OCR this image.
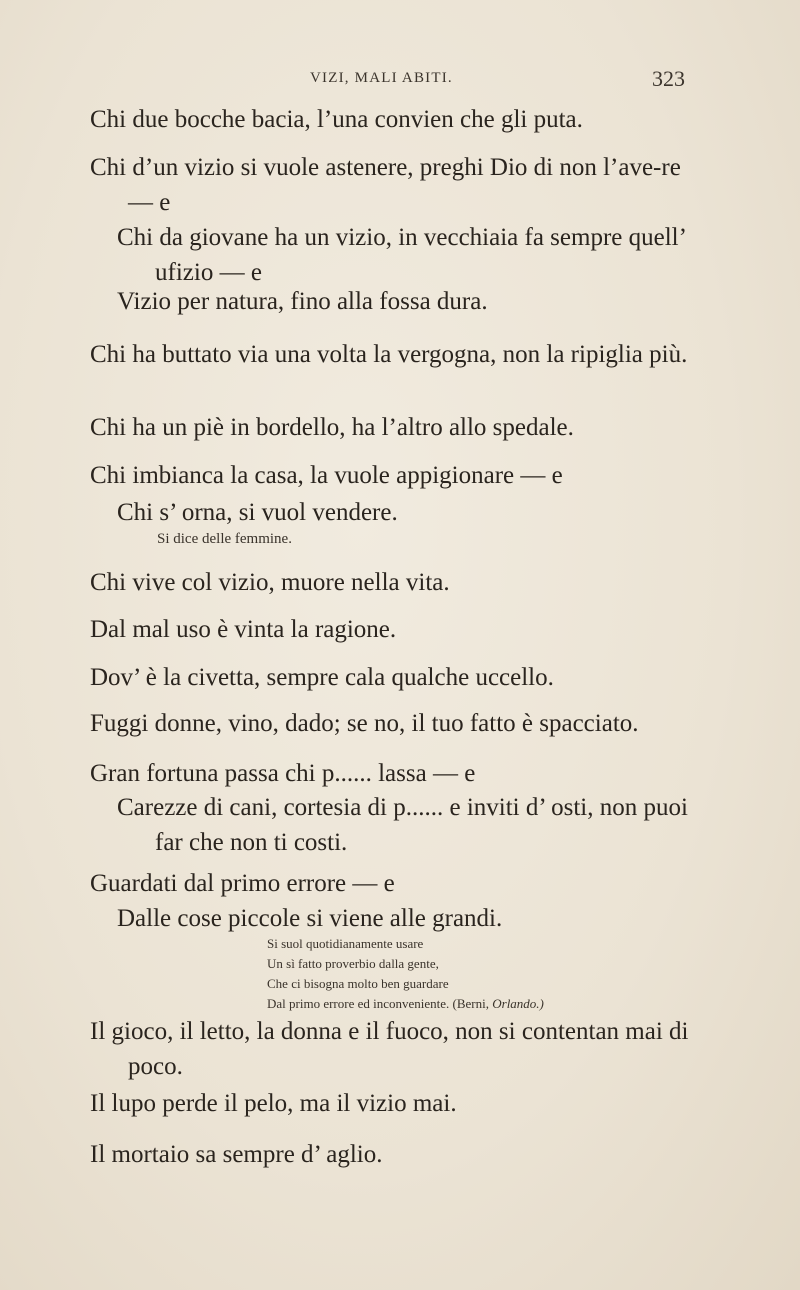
VIZI, MALI ABITI.	323

Chi due bocche bacia, l’una convien che gli puta.

Chi d’un vizio si vuole astenere, preghi Dio di non l’ave-re — e

Chi da giovane ha un vizio, in vecchiaia fa sempre quell’ ufizio — e

Vizio per natura, fino alla fossa dura.

Chi ha buttato via una volta la vergogna, non la ripiglia più.

Chi ha un piè in bordello, ha l’altro allo spedale.

Chi imbianca la casa, la vuole appigionare — e

Chi s’ orna, si vuol vendere.

Si dice delle femmine.

Chi vive col vizio, muore nella vita.

Dal mal uso è vinta la ragione.

Dov’ è la civetta, sempre cala qualche uccello.

Fuggi donne, vino, dado; se no, il tuo fatto è spacciato.

Gran fortuna passa chi p...... lassa — e

Carezze di cani, cortesia di p...... e inviti d’ osti, non puoi far che non ti costi.

Guardati dal primo errore — e

Dalle cose piccole si viene alle grandi.

Si suol quotidianamente usare
Un sì fatto proverbio dalla gente,
Che ci bisogna molto ben guardare
Dal primo errore ed inconveniente. (Berni, Orlando.)

Il gioco, il letto, la donna e il fuoco, non si contentan mai di poco.

Il lupo perde il pelo, ma il vizio mai.

Il mortaio sa sempre d’ aglio.
